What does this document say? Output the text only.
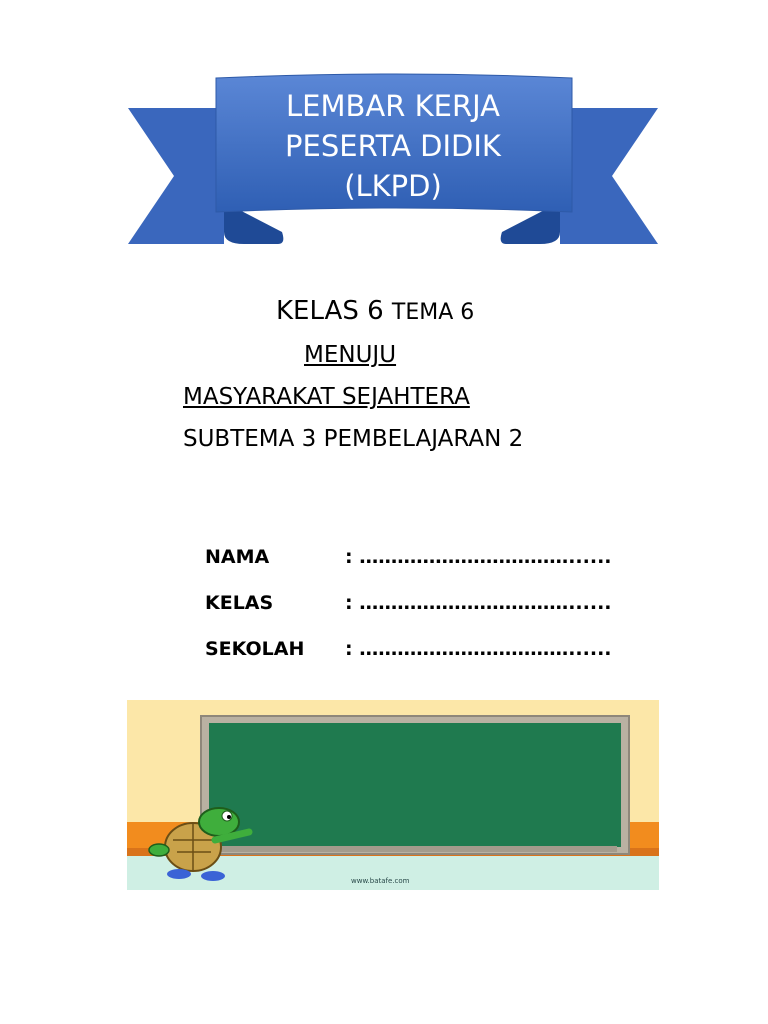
LEMBAR KERJA
PESERTA DIDIK
(LKPD)
KELAS 6 TEMA 6
MENUJU
MASYARAKAT SEJAHTERA
SUBTEMA 3 PEMBELAJARAN 2
NAMA	: ……………………………......
KELAS	: ……………………………......
SEKOLAH : ……………………………......
www.batafe.com
